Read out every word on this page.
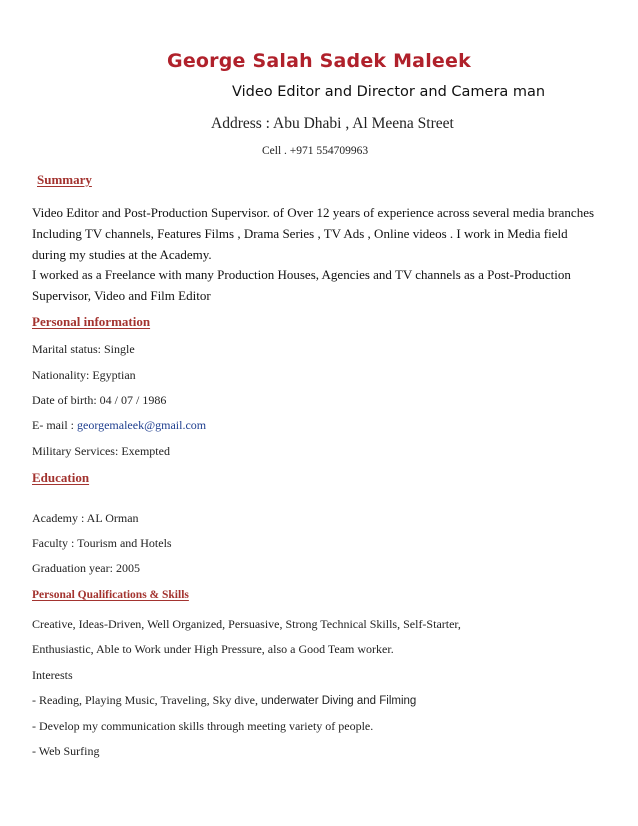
George Salah Sadek Maleek
Video Editor and Director and Camera man
Address : Abu Dhabi , Al Meena Street
Cell . +971 554709963
Summary

Video Editor and Post-Production Supervisor. of Over 12 years of experience across several media branches Including TV channels, Features Films , Drama Series , TV Ads , Online videos . I work in Media field during my studies at the Academy.

I worked as a Freelance with many Production Houses, Agencies and TV channels as a Post-Production Supervisor, Video and Film Editor

Personal information
Marital status: Single
Nationality: Egyptian
Date of birth: 04 / 07 / 1986
E- mail : georgemaleek@gmail.com
Military Services: Exempted
Education
Academy : AL Orman
Faculty : Tourism and Hotels
Graduation year: 2005
Personal Qualifications & Skills
Creative, Ideas-Driven, Well Organized, Persuasive, Strong Technical Skills, Self-Starter,
Enthusiastic, Able to Work under High Pressure, also a Good Team worker.
Interests
- Reading, Playing Music, Traveling, Sky dive, underwater Diving and Filming
- Develop my communication skills through meeting variety of people.
- Web Surfing
